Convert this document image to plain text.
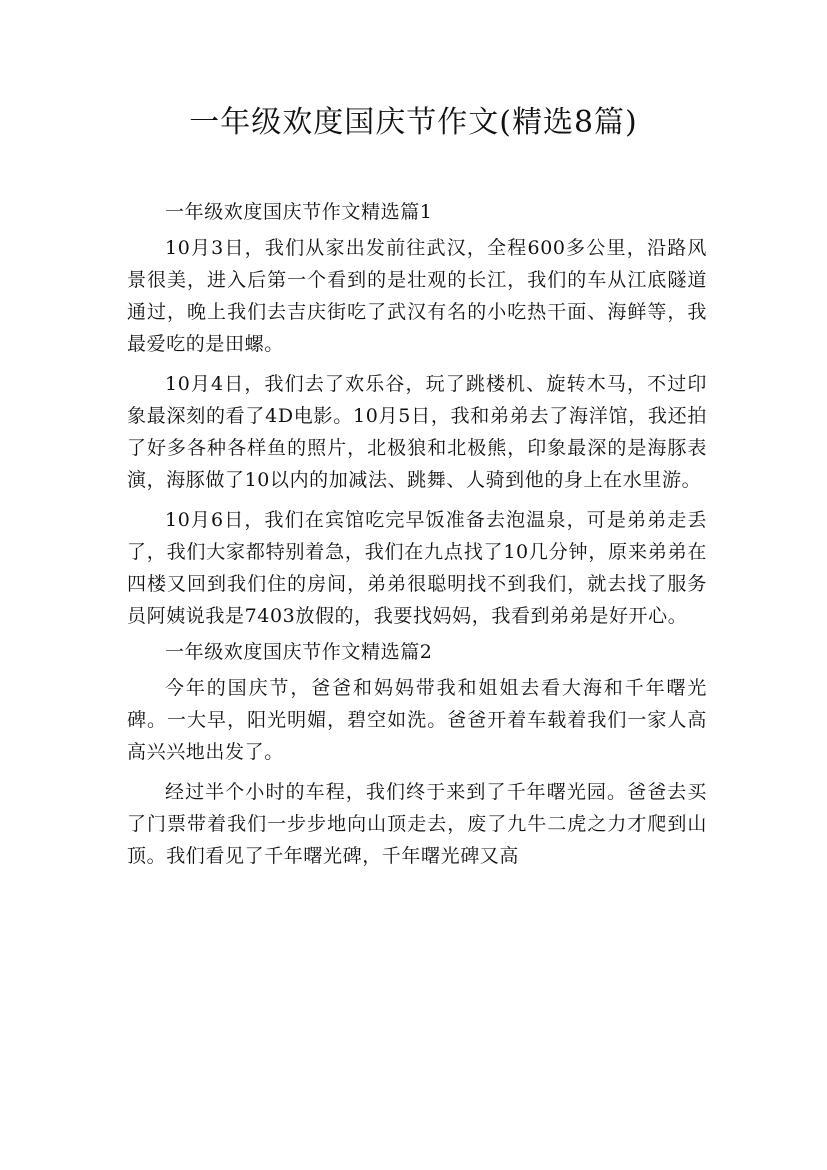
一年级欢度国庆节作文(精选8篇)

一年级欢度国庆节作文精选篇1

10月3日，我们从家出发前往武汉，全程600多公里，沿路风景很美，进入后第一个看到的是壮观的长江，我们的车从江底隧道通过，晚上我们去吉庆街吃了武汉有名的小吃热干面、海鲜等，我最爱吃的是田螺。

10月4日，我们去了欢乐谷，玩了跳楼机、旋转木马，不过印象最深刻的看了4D电影。10月5日，我和弟弟去了海洋馆，我还拍了好多各种各样鱼的照片，北极狼和北极熊，印象最深的是海豚表演，海豚做了10以内的加减法、跳舞、人骑到他的身上在水里游。

10月6日，我们在宾馆吃完早饭准备去泡温泉，可是弟弟走丢了，我们大家都特别着急，我们在九点找了10几分钟，原来弟弟在四楼又回到我们住的房间，弟弟很聪明找不到我们，就去找了服务员阿姨说我是7403放假的，我要找妈妈，我看到弟弟是好开心。

一年级欢度国庆节作文精选篇2

今年的国庆节，爸爸和妈妈带我和姐姐去看大海和千年曙光碑。一大早，阳光明媚，碧空如洗。爸爸开着车载着我们一家人高高兴兴地出发了。

经过半个小时的车程，我们终于来到了千年曙光园。爸爸去买了门票带着我们一步步地向山顶走去，废了九牛二虎之力才爬到山顶。我们看见了千年曙光碑，千年曙光碑又高
